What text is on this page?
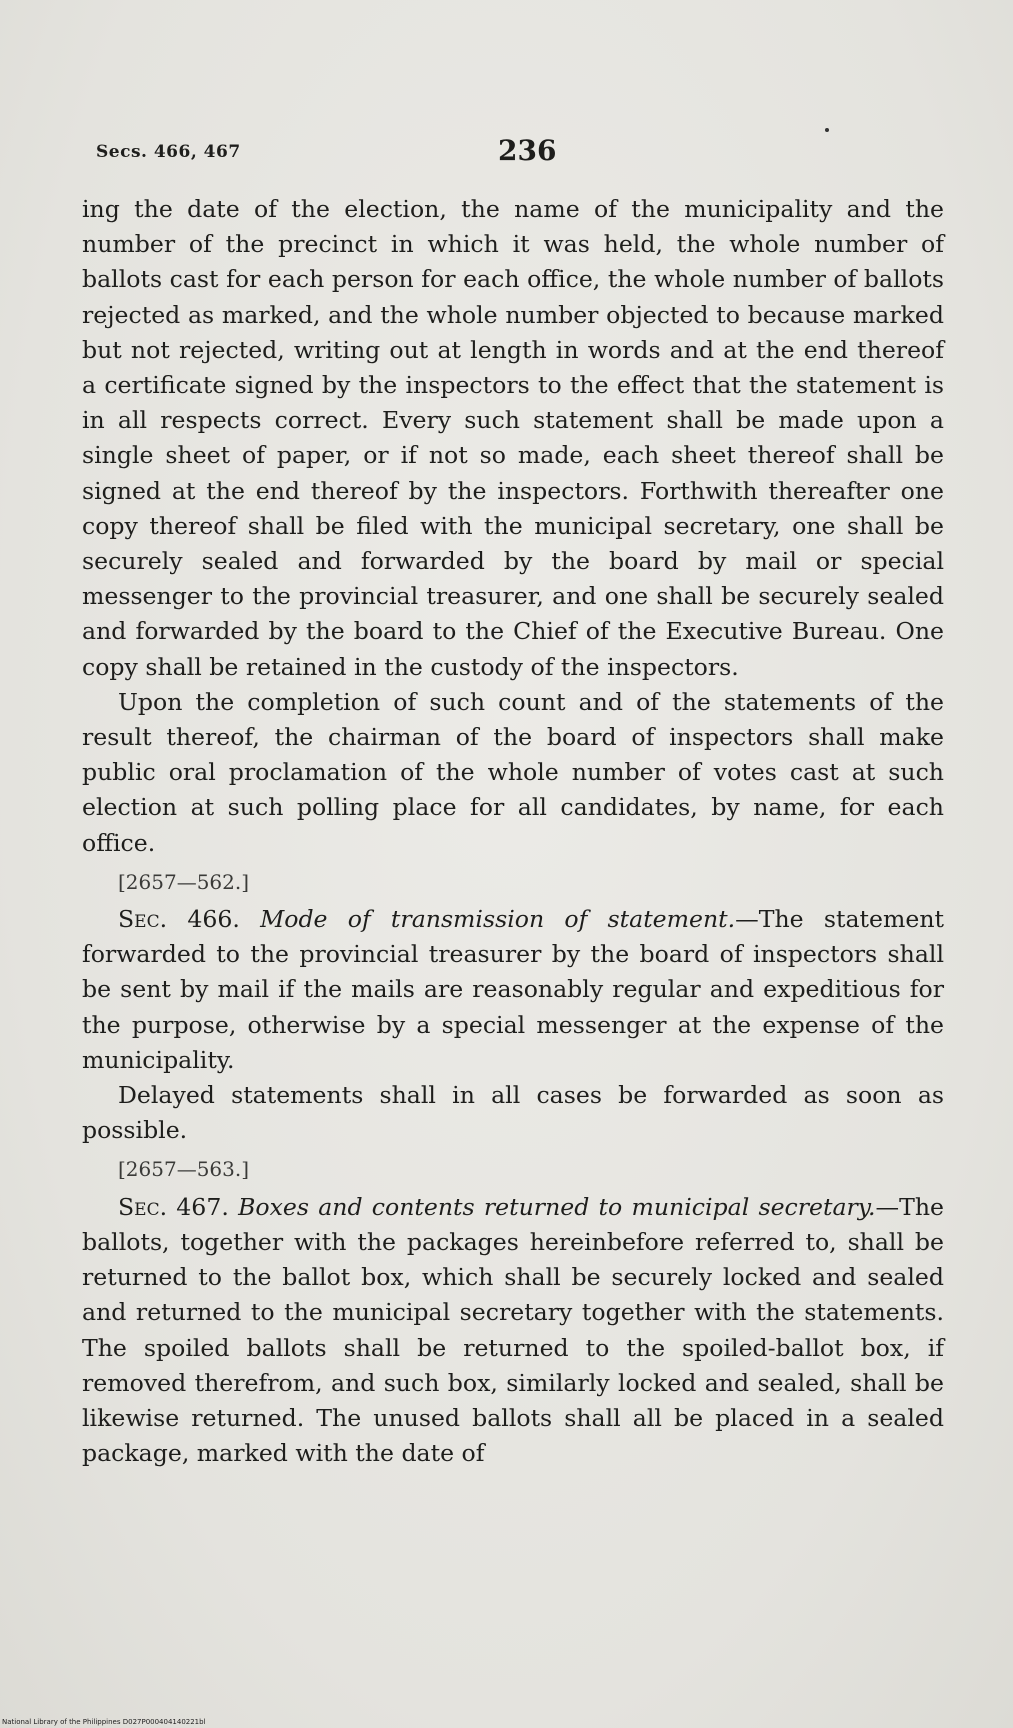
Secs. 466, 467	236

ing the date of the election, the name of the municipality and the number of the precinct in which it was held, the whole number of ballots cast for each person for each office, the whole number of ballots rejected as marked, and the whole number objected to because marked but not rejected, writing out at length in words and at the end thereof a certificate signed by the inspectors to the effect that the statement is in all respects correct. Every such statement shall be made upon a single sheet of paper, or if not so made, each sheet thereof shall be signed at the end thereof by the inspectors. Forthwith thereafter one copy thereof shall be filed with the municipal secretary, one shall be securely sealed and forwarded by the board by mail or special messenger to the provincial treasurer, and one shall be securely sealed and forwarded by the board to the Chief of the Executive Bureau. One copy shall be retained in the custody of the inspectors.

Upon the completion of such count and of the statements of the result thereof, the chairman of the board of inspectors shall make public oral proclamation of the whole number of votes cast at such election at such polling place for all candidates, by name, for each office.

[2657—562.]

Sec. 466. Mode of transmission of statement.—The statement forwarded to the provincial treasurer by the board of inspectors shall be sent by mail if the mails are reasonably regular and expeditious for the purpose, otherwise by a special messenger at the expense of the municipality.

Delayed statements shall in all cases be forwarded as soon as possible.

[2657—563.]

Sec. 467. Boxes and contents returned to municipal secretary.—The ballots, together with the packages hereinbefore referred to, shall be returned to the ballot box, which shall be securely locked and sealed and returned to the municipal secretary together with the statements. The spoiled ballots shall be returned to the spoiled-ballot box, if removed therefrom, and such box, similarly locked and sealed, shall be likewise returned. The unused ballots shall all be placed in a sealed package, marked with the date of

National Library of the Philippines D027P000404140221bl
